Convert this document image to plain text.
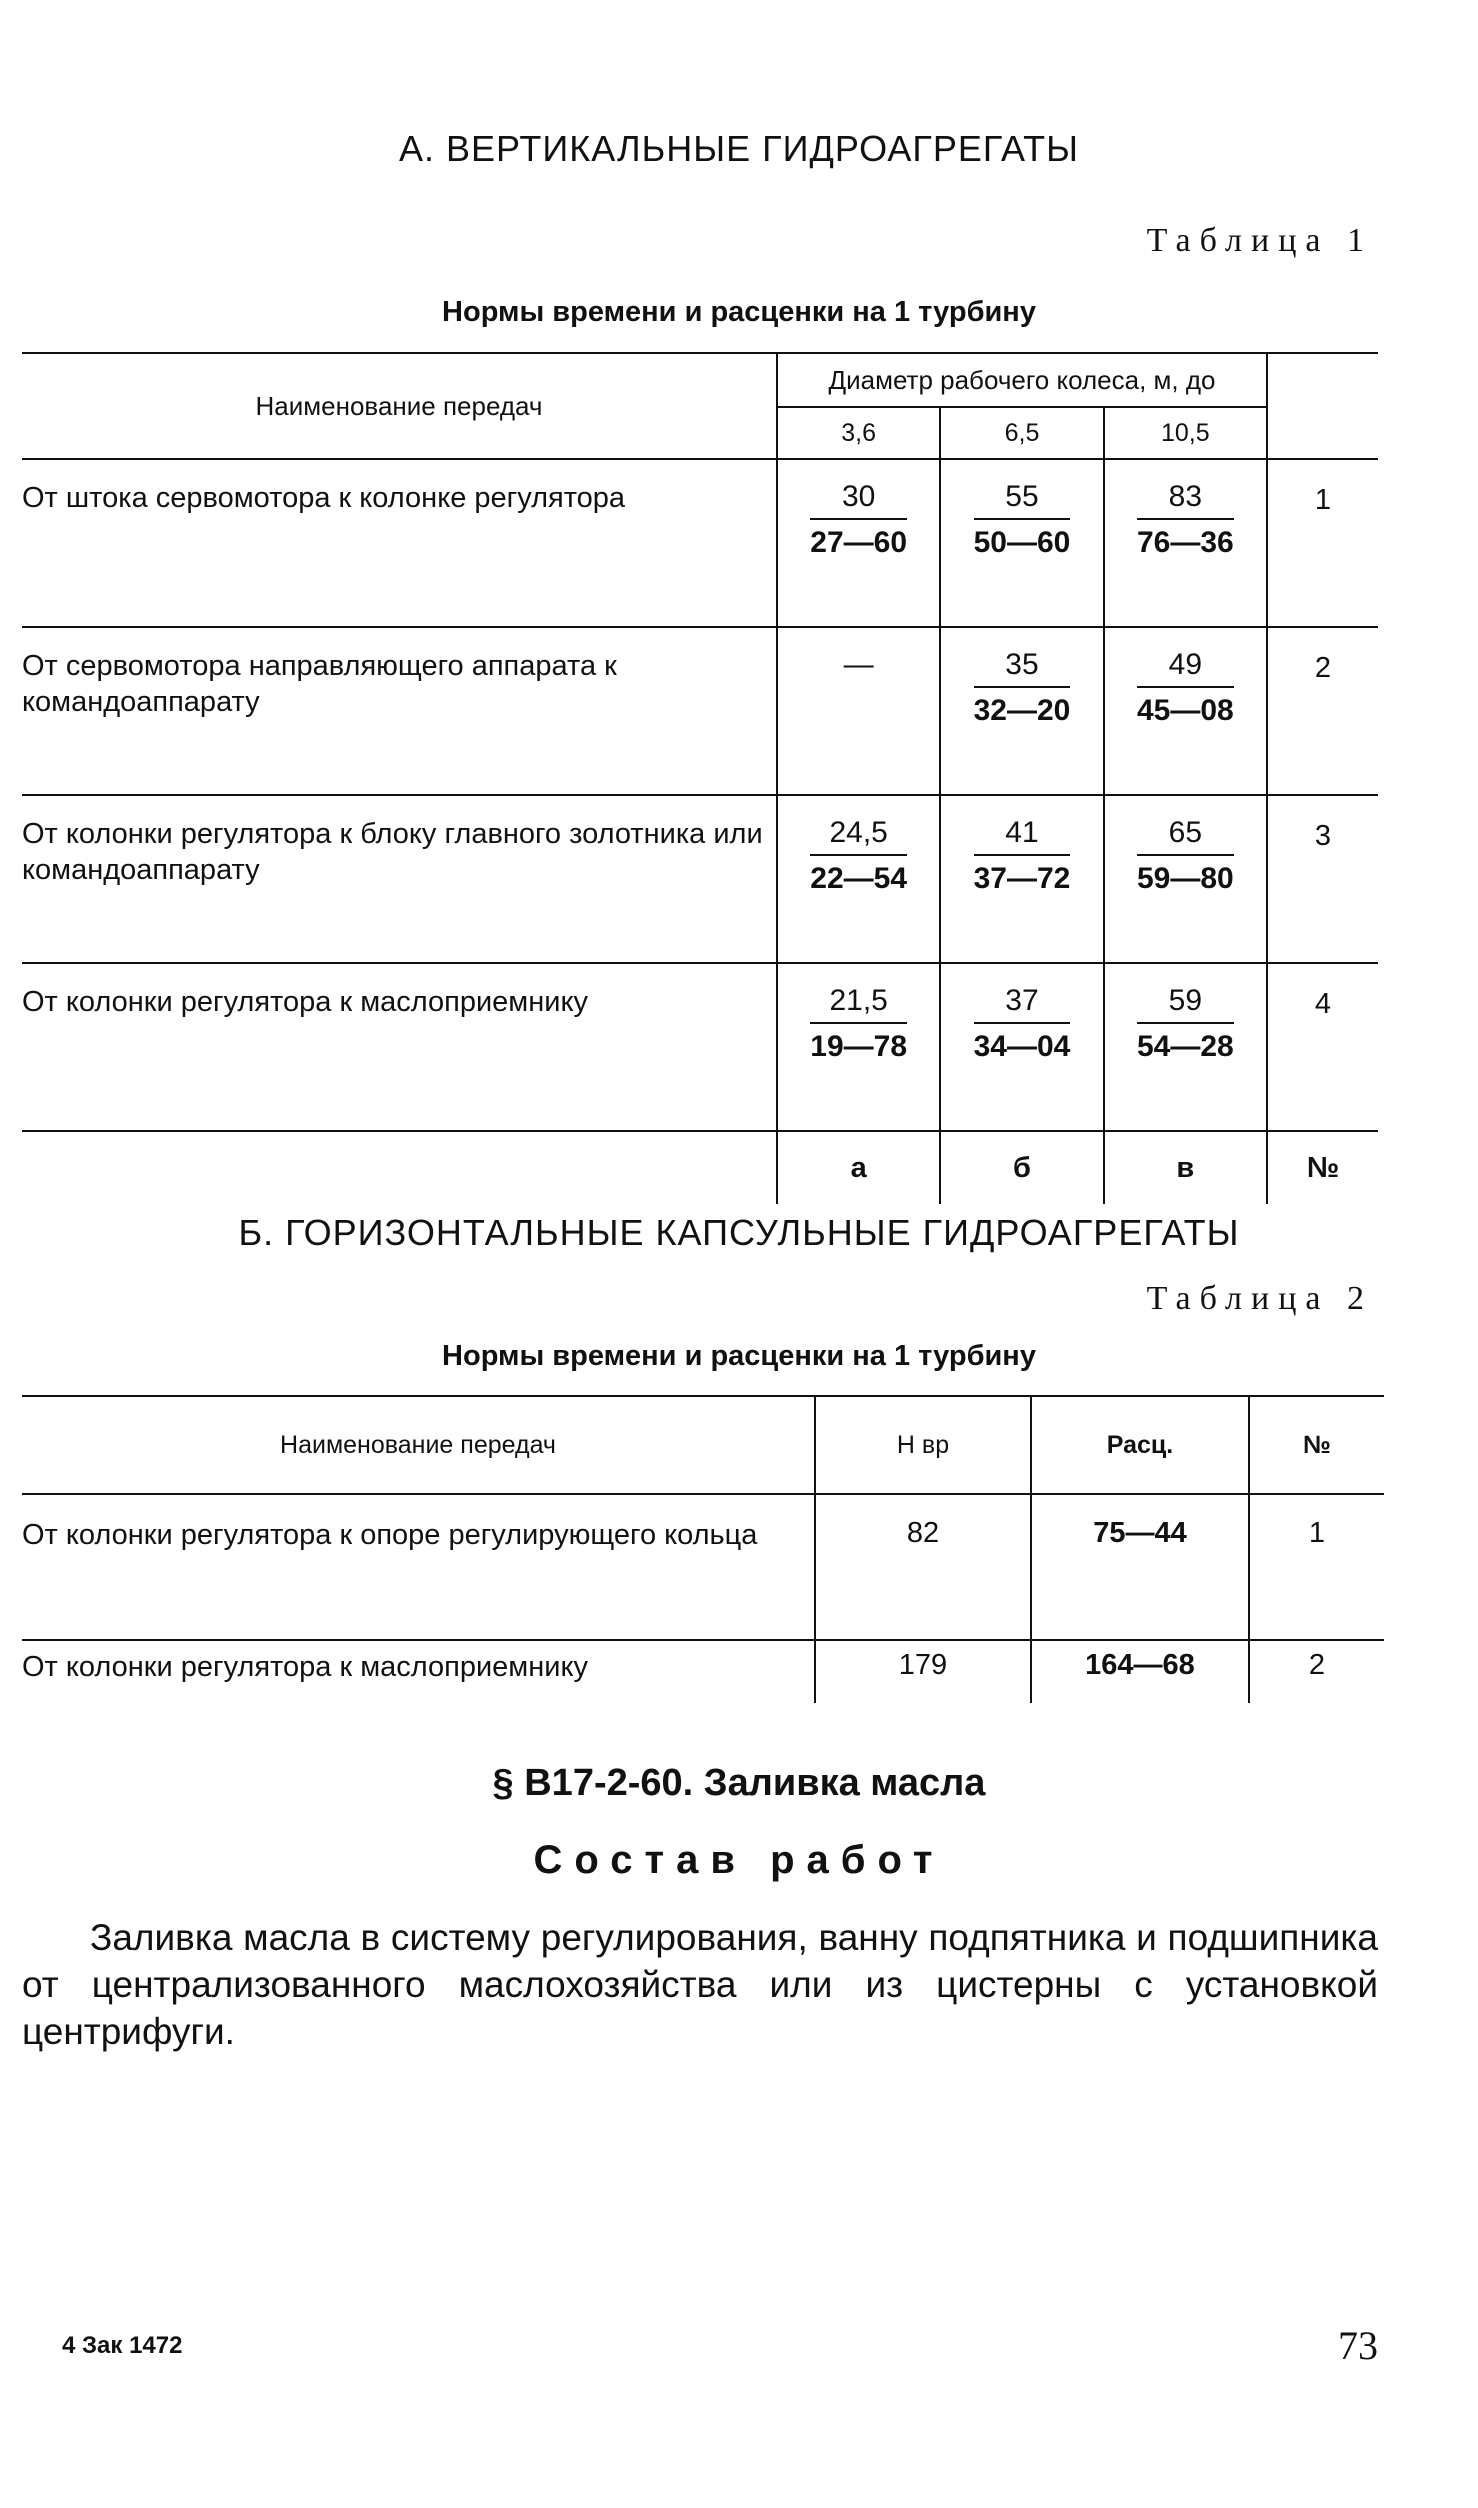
А. ВЕРТИКАЛЬНЫЕ ГИДРОАГРЕГАТЫ
Таблица 1
Нормы времени и расценки на 1 турбину
Наименование передач	Диаметр рабочего колеса, м, до			
	3,6	6,5	10,5	
От штока сервомотора к колонке регулятора	$\frac{30}{27—60}$	$\frac{55}{50—60}$	$\frac{83}{76—36}$	1
От сервомотора направляющего аппарата к командоаппарату	—	$\frac{35}{32—20}$	$\frac{49}{45—08}$	2
От колонки регулятора к блоку главного золотника или командоаппарату	$\frac{24,5}{22—54}$	$\frac{41}{37—72}$	$\frac{65}{59—80}$	3
От колонки регулятора к маслоприемнику	$\frac{21,5}{19—78}$	$\frac{37}{34—04}$	$\frac{59}{54—28}$	4
	а	б	в	№
Б. ГОРИЗОНТАЛЬНЫЕ КАПСУЛЬНЫЕ ГИДРОАГРЕГАТЫ
Таблица 2
Нормы времени и расценки на 1 турбину
Наименование передач	Н вр	Расц.	№
От колонки регулятора к опоре регулирующего кольца	82	75—44	1
От колонки регулятора к маслоприемнику	179	164—68	2
§ В17-2-60. Заливка масла
Состав работ
Заливка масла в систему регулирования, ванну подпятника и подшипника от централизованного маслохозяйства или из цистерны с установкой центрифуги.
4 Зак 1472	73
